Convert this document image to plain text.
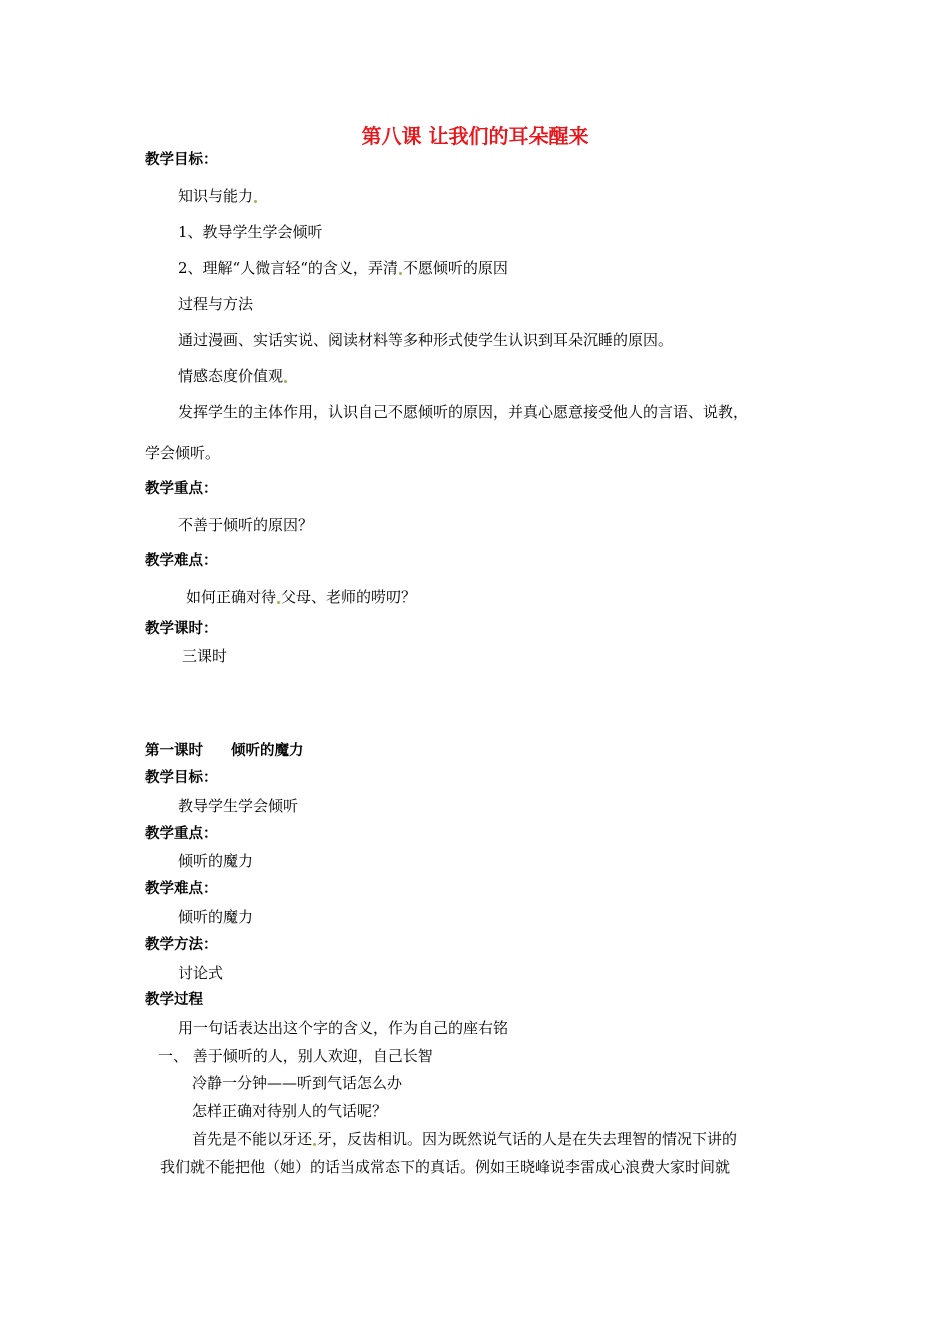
第八课 让我们的耳朵醒来
教学目标：
知识与能力
1、教导学生学会倾听
2、理解“人微言轻“的含义，弄清 不愿倾听的原因
过程与方法
通过漫画、实话实说、阅读材料等多种形式使学生认识到耳朵沉睡的原因。
情感态度价值观
发挥学生的主体作用，认识自己不愿倾听的原因，并真心愿意接受他人的言语、说教，
学会倾听。
教学重点：
不善于倾听的原因？
教学难点：
如何正确对待 父母、老师的唠叨？
教学课时：
三课时
第一课时 倾听的魔力
教学目标：
教导学生学会倾听
教学重点：
倾听的魔力
教学难点：
倾听的魔力
教学方法：
讨论式
教学过程
用一句话表达出这个字的含义，作为自己的座右铭
一、 善于倾听的人，别人欢迎，自己长智
冷静一分钟——听到气话怎么办
怎样正确对待别人的气话呢？
首先是不能以牙还 牙，反齿相讥。因为既然说气话的人是在失去理智的情况下讲的
我们就不能把他（她）的话当成常态下的真话。例如王晓峰说李雷成心浪费大家时间就
